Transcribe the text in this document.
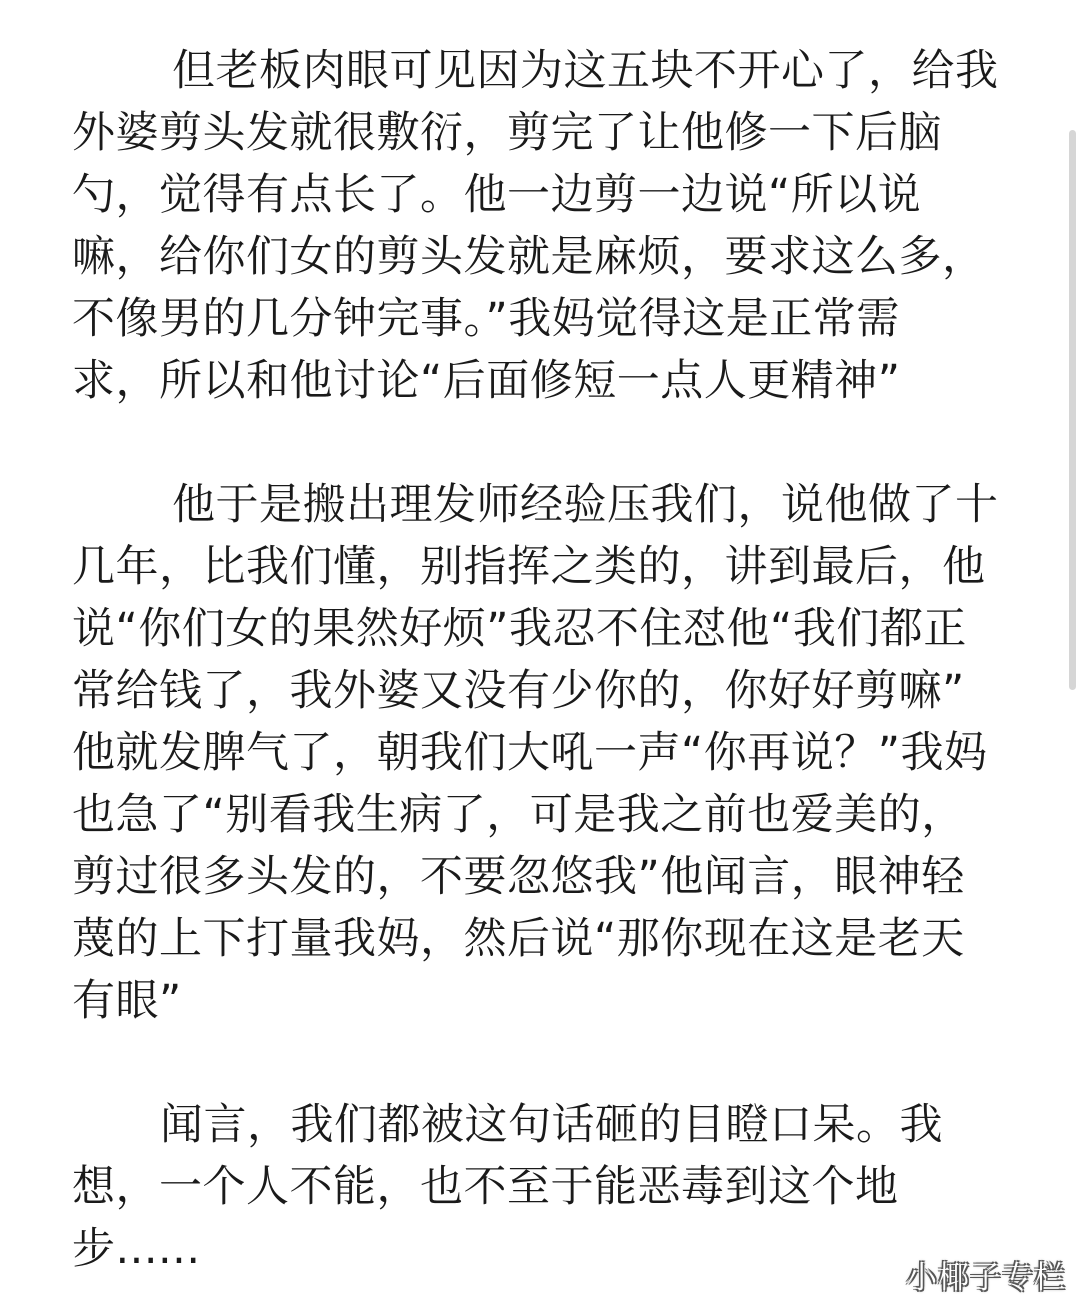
但老板肉眼可见因为这五块不开心了，给我
外婆剪头发就很敷衍，剪完了让他修一下后脑
勺，觉得有点长了。他一边剪一边说“所以说
嘛，给你们女的剪头发就是麻烦，要求这么多，
不像男的几分钟完事。”我妈觉得这是正常需
求，所以和他讨论“后面修短一点人更精神”

他于是搬出理发师经验压我们，说他做了十
几年，比我们懂，别指挥之类的，讲到最后，他
说“你们女的果然好烦”我忍不住怼他“我们都正
常给钱了，我外婆又没有少你的，你好好剪嘛”
他就发脾气了，朝我们大吼一声“你再说？”我妈
也急了“别看我生病了，可是我之前也爱美的，
剪过很多头发的，不要忽悠我”他闻言，眼神轻
蔑的上下打量我妈，然后说“那你现在这是老天
有眼”

闻言，我们都被这句话砸的目瞪口呆。我
想，一个人不能，也不至于能恶毒到这个地
步......

小椰子专栏
